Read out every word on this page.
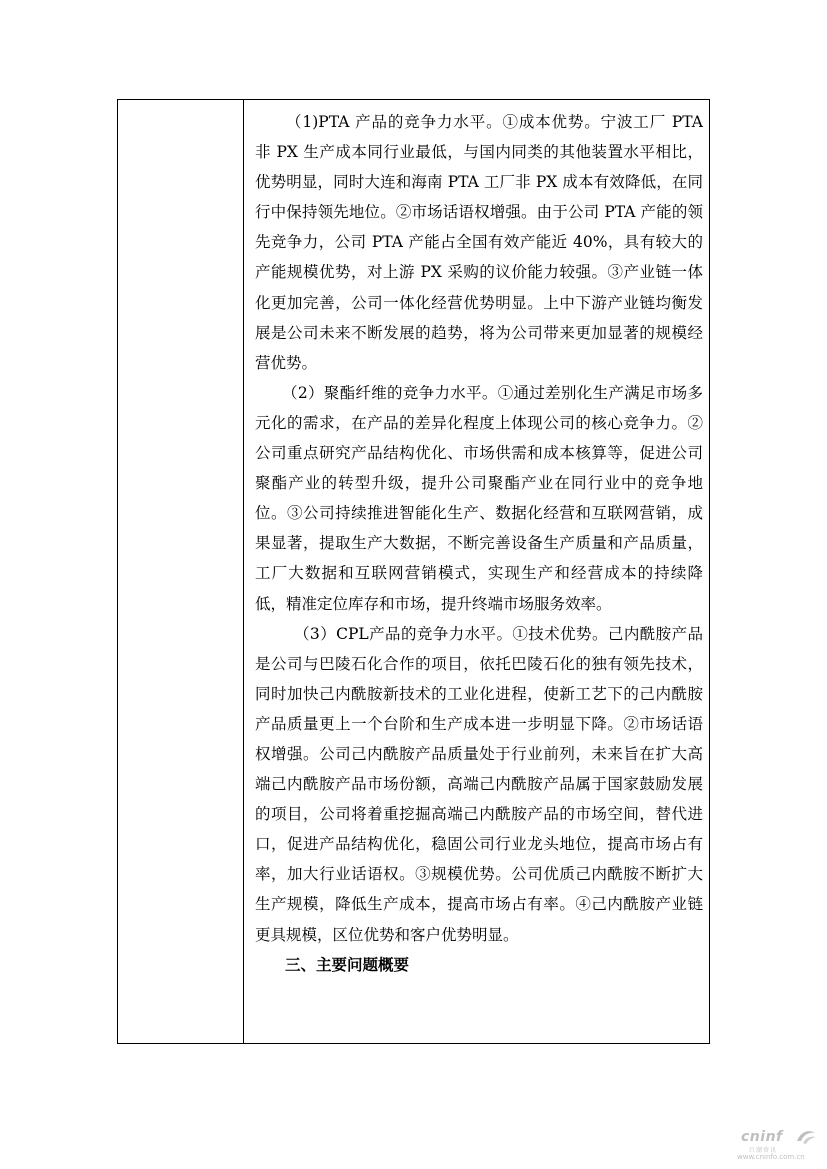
（1)PTA 产品的竞争力水平。①成本优势。宁波工厂 PTA 非 PX 生产成本同行业最低，与国内同类的其他装置水平相比，优势明显，同时大连和海南 PTA 工厂非 PX 成本有效降低，在同行中保持领先地位。②市场话语权增强。由于公司 PTA 产能的领先竞争力，公司 PTA 产能占全国有效产能近 40%，具有较大的产能规模优势，对上游 PX 采购的议价能力较强。③产业链一体化更加完善，公司一体化经营优势明显。上中下游产业链均衡发展是公司未来不断发展的趋势，将为公司带来更加显著的规模经营优势。

（2）聚酯纤维的竞争力水平。①通过差别化生产满足市场多元化的需求，在产品的差异化程度上体现公司的核心竞争力。②公司重点研究产品结构优化、市场供需和成本核算等，促进公司聚酯产业的转型升级，提升公司聚酯产业在同行业中的竞争地位。③公司持续推进智能化生产、数据化经营和互联网营销，成果显著，提取生产大数据，不断完善设备生产质量和产品质量，工厂大数据和互联网营销模式，实现生产和经营成本的持续降低，精准定位库存和市场，提升终端市场服务效率。

（3）CPL产品的竞争力水平。①技术优势。己内酰胺产品是公司与巴陵石化合作的项目，依托巴陵石化的独有领先技术，同时加快己内酰胺新技术的工业化进程，使新工艺下的己内酰胺产品质量更上一个台阶和生产成本进一步明显下降。②市场话语权增强。公司己内酰胺产品质量处于行业前列，未来旨在扩大高端己内酰胺产品市场份额，高端己内酰胺产品属于国家鼓励发展的项目，公司将着重挖掘高端己内酰胺产品的市场空间，替代进口，促进产品结构优化，稳固公司行业龙头地位，提高市场占有率，加大行业话语权。③规模优势。公司优质己内酰胺不断扩大生产规模，降低生产成本，提高市场占有率。④己内酰胺产业链更具规模，区位优势和客户优势明显。

三、主要问题概要

cninf
巨潮资讯
www.cninfo.com.cn
